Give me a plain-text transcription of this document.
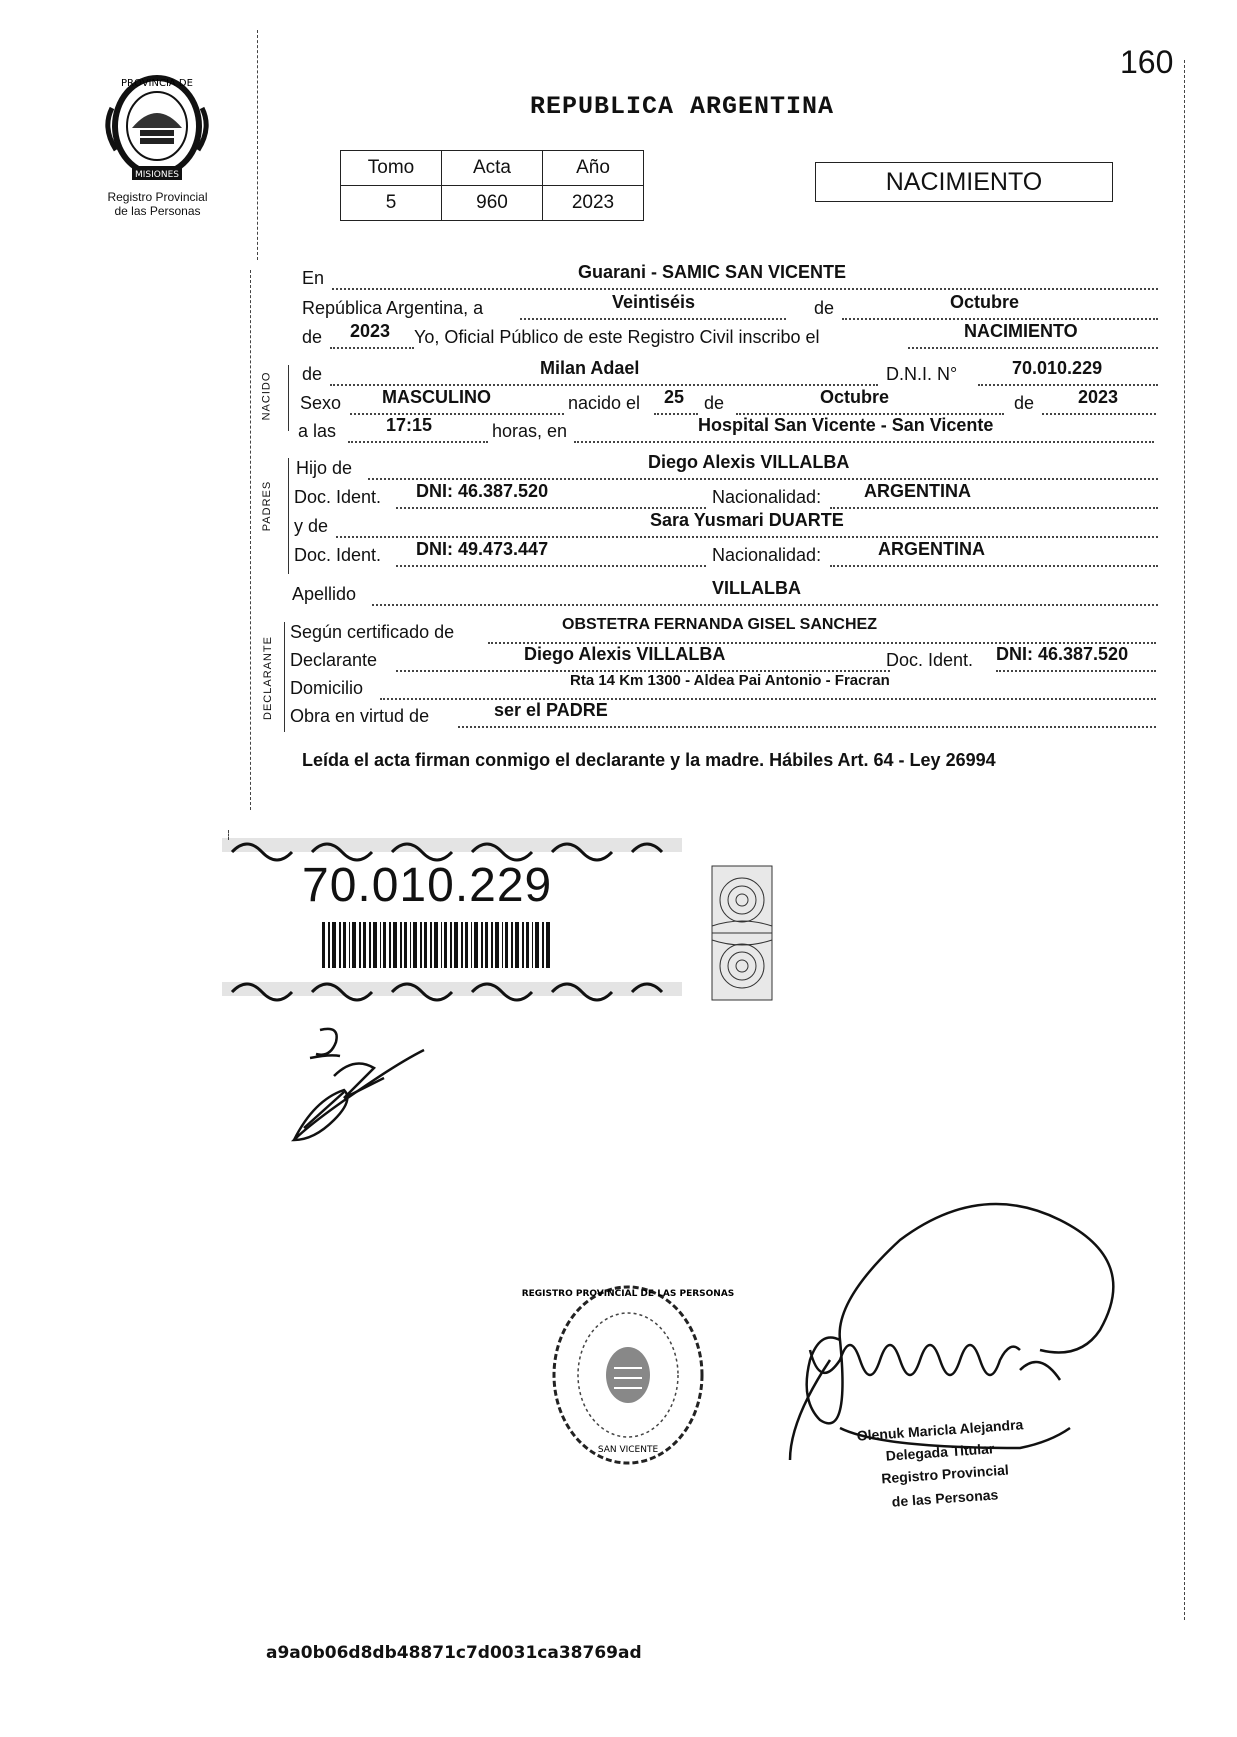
160
REPUBLICA ARGENTINA
PROVINCIA DE
MISIONES
Registro Provincial
de las Personas
Tomo	Acta	Año
5	960	2023
NACIMIENTO
En	Guarani - SAMIC SAN VICENTE
República Argentina, a	Veintiséis	de	Octubre
de 2023 Yo, Oficial Público de este Registro Civil inscribo el	NACIMIENTO
NACIDO de	Milan Adael	D.N.I. N°	70.010.229
Sexo MASCULINO	nacido el 25 de	Octubre	de 2023
a las	17:15	horas, en	Hospital San Vicente - San Vicente
PADRES
Hijo de	Diego Alexis VILLALBA
Doc. Ident. DNI: 46.387.520	Nacionalidad: ARGENTINA
y de	Sara Yusmari DUARTE
Doc. Ident. DNI: 49.473.447	Nacionalidad:	ARGENTINA
Apellido	VILLALBA
DECLARANTE
Según certificado de	OBSTETRA FERNANDA GISEL SANCHEZ
Declarante	Diego Alexis VILLALBA	Doc. Ident. DNI: 46.387.520
Domicilio	Rta 14 Km 1300 - Aldea Pai Antonio - Fracran
Obra en virtud de	ser el PADRE
Leída el acta firman conmigo el declarante y la madre. Hábiles Art. 64 - Ley 26994
70.010.229
REGISTRO PROVINCIAL DE LAS PERSONAS
SAN VICENTE
Olenuk Maricla Alejandra
Delegada Titular
Registro Provincial
de las Personas
a9a0b06d8db48871c7d0031ca38769ad
